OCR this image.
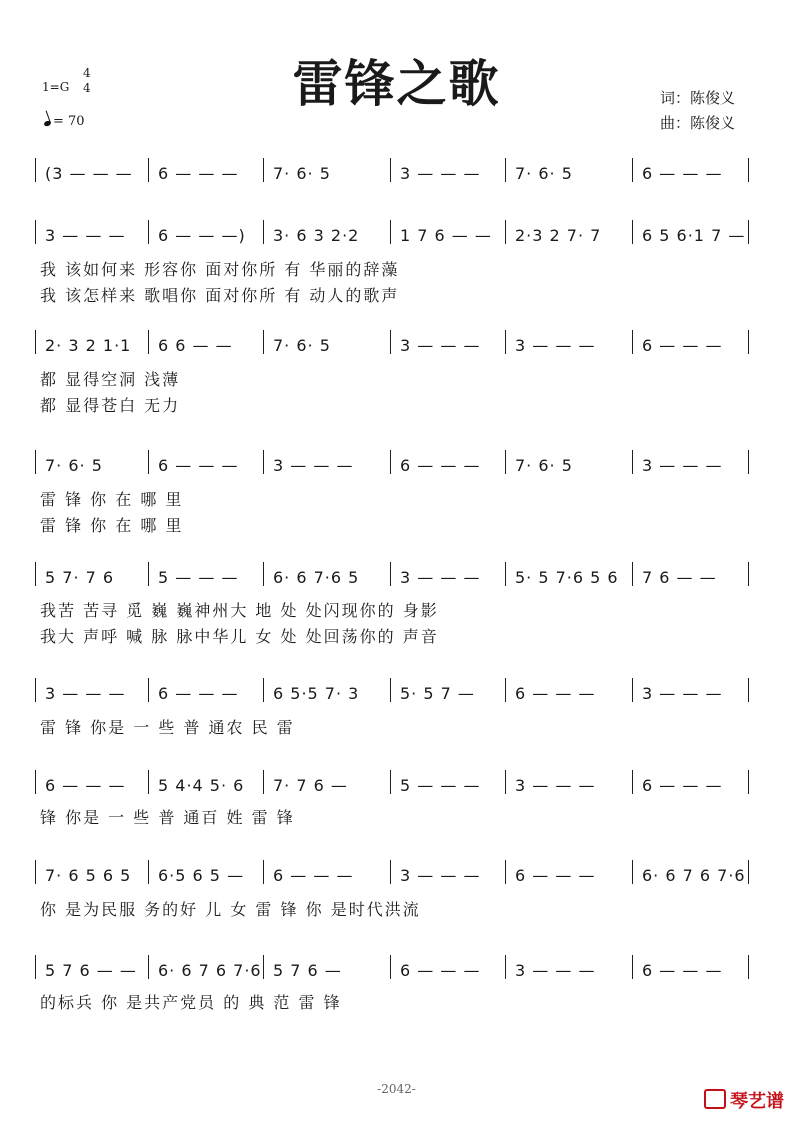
雷锋之歌
1=G
4
4
= 70
词：陈俊义
曲：陈俊义
(3 — — —	6 — — —	7· 6· 5	3 — — —	7· 6· 5	6 — — —
3 — — —	6 — — —)	3· 6 3 2·2	1 7 6 — —	2·3 2 7· 7	6 5 6·1 7 —
我 该如何来 形容你 面对你所 有 华丽的辞藻
我 该怎样来 歌唱你 面对你所 有 动人的歌声
2· 3 2 1·1	6 6 — —	7· 6· 5	3 — — —	3 — — —	6 — — —
都 显得空洞 浅薄
都 显得苍白 无力
7· 6· 5	6 — — —	3 — — —	6 — — —	7· 6· 5	3 — — —
雷 锋 你 在 哪 里
雷 锋 你 在 哪 里
5 7· 7 6	5 — — —	6· 6 7·6 5	3 — — —	5· 5 7·6 5 6	7 6 — —
我苦 苦寻 觅 巍 巍神州大 地 处 处闪现你的 身影
我大 声呼 喊 脉 脉中华儿 女 处 处回荡你的 声音
3 — — —	6 — — —	6 5·5 7· 3	5· 5 7 —	6 — — —	3 — — —
雷 锋 你是 一 些 普 通农 民 雷
6 — — —	5 4·4 5· 6	7· 7 6 —	5 — — —	3 — — —	6 — — —
锋 你是 一 些 普 通百 姓 雷 锋
7· 6 5 6 5	6·5 6 5 —	6 — — —	3 — — —	6 — — —	6· 6 7 6 7·6
你 是为民服 务的好 儿 女 雷 锋 你 是时代洪流
5 7 6 — —	6· 6 7 6 7·6 5 7 6 —	6 — — —	3 — — —	6 — — —
的标兵 你 是共产党员 的 典 范 雷 锋
-2042-
琴艺谱
